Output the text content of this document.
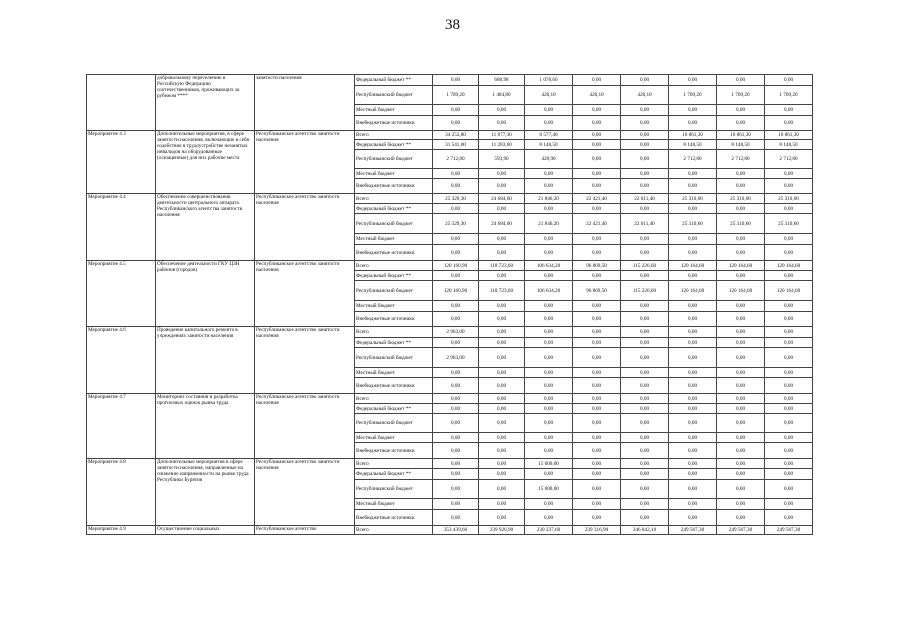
38
	добровольному переселению в Российскую Федерацию соотечественников, проживающих за рубежом ****	занятости населения	Федеральный бюджет **	0,00	688,98	1 078,60	0,00	0,00	0,00	0,00	0,00
			Республиканский бюджет	1 709,20	1 484,80	428,10	428,10	428,10	1 709,20	1 709,20	1 709,20
			Местный бюджет	0,00	0,00	0,00	0,00	0,00	0,00	0,00	0,00
			Внебюджетные источники	0,00	0,00	0,00	0,00	0,00	0,00	0,00	0,00
Мероприятие 4.3	Дополнительные мероприятия, в сфере занятости населения, включающие в себя содействие в трудоустройстве незанятых инвалидов на оборудованные (оснащенные) для них рабочие места	Республиканское агентство занятости населения	Всего	34 253,80	11 877,30	8 577,40	0,00	0,00	10 861,30	10 861,30	10 861,30
			Федеральный бюджет **	31 541,00	11 283,60	8 148,50	0,00	0,00	8 148,50	8 148,50	8 148,50
			Республиканский бюджет	2 712,80	593,90	428,90	0,00	0,00	2 712,80	2 712,80	2 712,80
			Местный бюджет	0,00	0,00	0,00	0,00	0,00	0,00	0,00	0,00
			Внебюджетные источники	0,00	0,00	0,00	0,00	0,00	0,00	0,00	0,00
Мероприятие 4.4	Обеспечение совершенствования деятельности центрального аппарата Республиканского агентства занятости населения	Республиканское агентство занятости населения	Всего	25 329,30	24 684,60	21 846,20	22 421,40	22 011,40	25 310,60	25 310,60	25 310,60
			Федеральный бюджет **	0,00	0,00	0,00	0,00	0,00	0,00	0,00	0,00
			Республиканский бюджет	25 329,30	24 684,60	21 846,20	22 421,40	22 011,40	25 310,60	25 310,60	25 310,60
			Местный бюджет	0,00	0,00	0,00	0,00	0,00	0,00	0,00	0,00
			Внебюджетные источники	0,00	0,00	0,00	0,00	0,00	0,00	0,00	0,00
Мероприятие 4.5	Обеспечение деятельности ГКУ ЦЗН районов (городов)	Республиканское агентство занятости населения	Всего	120 160,90	118 723,60	106 634,20	96 869,50	115 226,60	120 164,60	120 164,60	120 164,60
			Федеральный бюджет **	0,00	0,00	0,00	0,00	0,00	0,00	0,00	0,00
			Республиканский бюджет	120 160,90	118 723,60	106 634,20	96 869,50	115 226,60	120 164,60	120 164,60	120 164,60
			Местный бюджет	0,00	0,00	0,00	0,00	0,00	0,00	0,00	0,00
			Внебюджетные источники	0,00	0,00	0,00	0,00	0,00	0,00	0,00	0,00
Мероприятие 4.6	Проведение капитального ремонта в учреждениях занятости населения	Республиканское агентство занятости населения	Всего	2 963,00	0,00	0,00	0,00	0,00	0,00	0,00	0,00
			Федеральный бюджет **	0,00	0,00	0,00	0,00	0,00	0,00	0,00	0,00
			Республиканский бюджет	2 963,00	0,00	0,00	0,00	0,00	0,00	0,00	0,00
			Местный бюджет	0,00	0,00	0,00	0,00	0,00	0,00	0,00	0,00
			Внебюджетные источники	0,00	0,00	0,00	0,00	0,00	0,00	0,00	0,00
Мероприятие 4.7	Мониторинг состояния и разработка прогнозных оценок рынка труда	Республиканское агентство занятости населения	Всего	0,00	0,00	0,00	0,00	0,00	0,00	0,00	0,00
			Федеральный бюджет **	0,00	0,00	0,00	0,00	0,00	0,00	0,00	0,00
			Республиканский бюджет	0,00	0,00	0,00	0,00	0,00	0,00	0,00	0,00
			Местный бюджет	0,00	0,00	0,00	0,00	0,00	0,00	0,00	0,00
			Внебюджетные источники	0,00	0,00	0,00	0,00	0,00	0,00	0,00	0,00
Мероприятие 4.8	Дополнительные мероприятия в сфере занятости населения, направленные на снижение напряженности на рынке труда Республики Бурятия	Республиканское агентство занятости населения	Всего	0,00	0,00	15 000,00	0,00	0,00	0,00	0,00	0,00
			Федеральный бюджет **	0,00	0,00	0,00	0,00	0,00	0,00	0,00	0,00
			Республиканский бюджет	0,00	0,00	15 000,00	0,00	0,00	0,00	0,00	0,00
			Местный бюджет	0,00	0,00	0,00	0,00	0,00	0,00	0,00	0,00
			Внебюджетные источники	0,00	0,00	0,00	0,00	0,00	0,00	0,00	0,00
Мероприятие 4.9	Осуществление социальных	Республиканское агентство	Всего	353 439,60	239 926,90	230 237,60	239 316,90	246 842,10	249 567,30	249 567,30	249 567,30
